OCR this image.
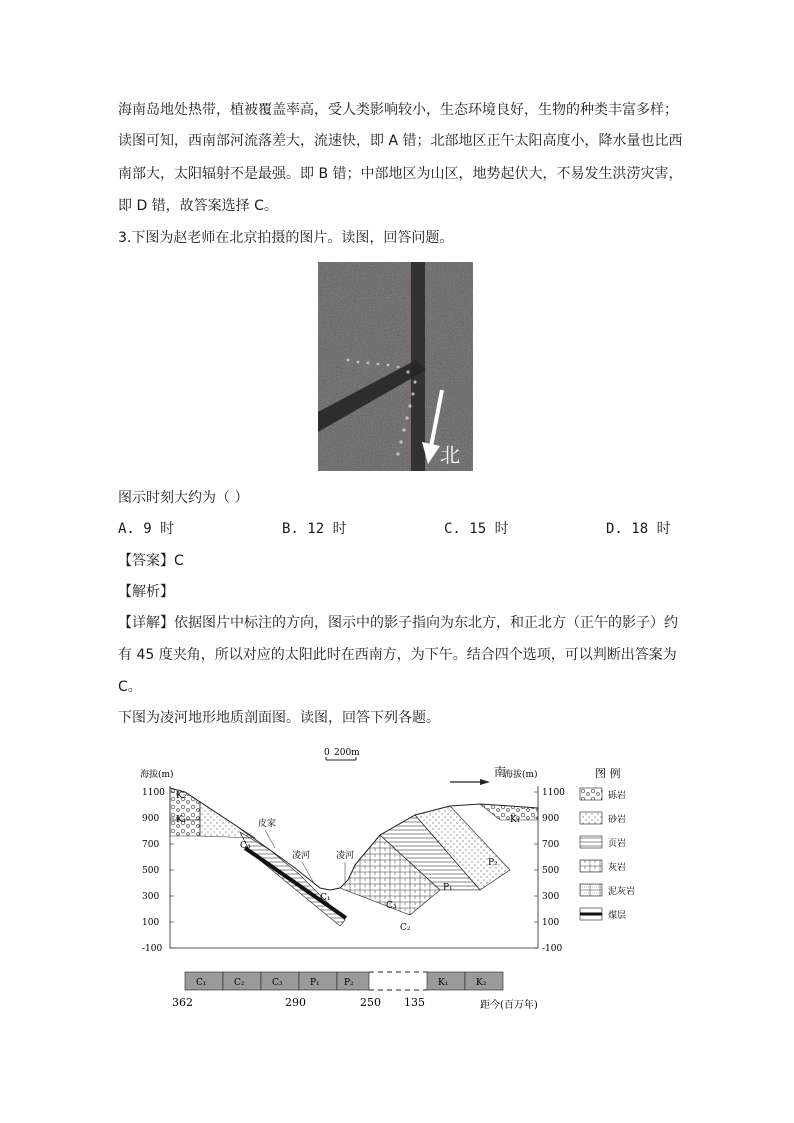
海南岛地处热带，植被覆盖率高，受人类影响较小，生态环境良好，生物的种类丰富多样；
读图可知，西南部河流落差大，流速快，即 A 错；北部地区正午太阳高度小，降水量也比西
南部大，太阳辐射不是最强。即 B 错；中部地区为山区，地势起伏大，不易发生洪涝灾害，
即 D 错，故答案选择 C。
3.下图为赵老师在北京拍摄的图片。读图，回答问题。
北
图示时刻大约为（ ）
A. 9 时	B. 12 时	C. 15 时	D. 18 时
【答案】C
【解析】
【详解】依据图片中标注的方向，图示中的影子指向为东北方，和正北方（正午的影子）约
有 45 度夹角，所以对应的太阳此时在西南方，为下午。结合四个选项，可以判断出答案为
C。
下图为凌河地形地质剖面图。读图，回答下列各题。
0 200m
南
海拔(m)	海拔(m)
1100	1100
900	900
700	700
500	500
300	300
100	100
-100	-100
皮家
凌河	凌河
K₂
K₁
C₃
C₁
C₃
C₂
P₁
P₂
K₁
图 例
砾岩
砂岩
页岩
灰岩
泥灰岩
煤层
C₁	C₂	C₃	P₁	P₂	K₁	K₂
362	290	250 135	距今(百万年)
